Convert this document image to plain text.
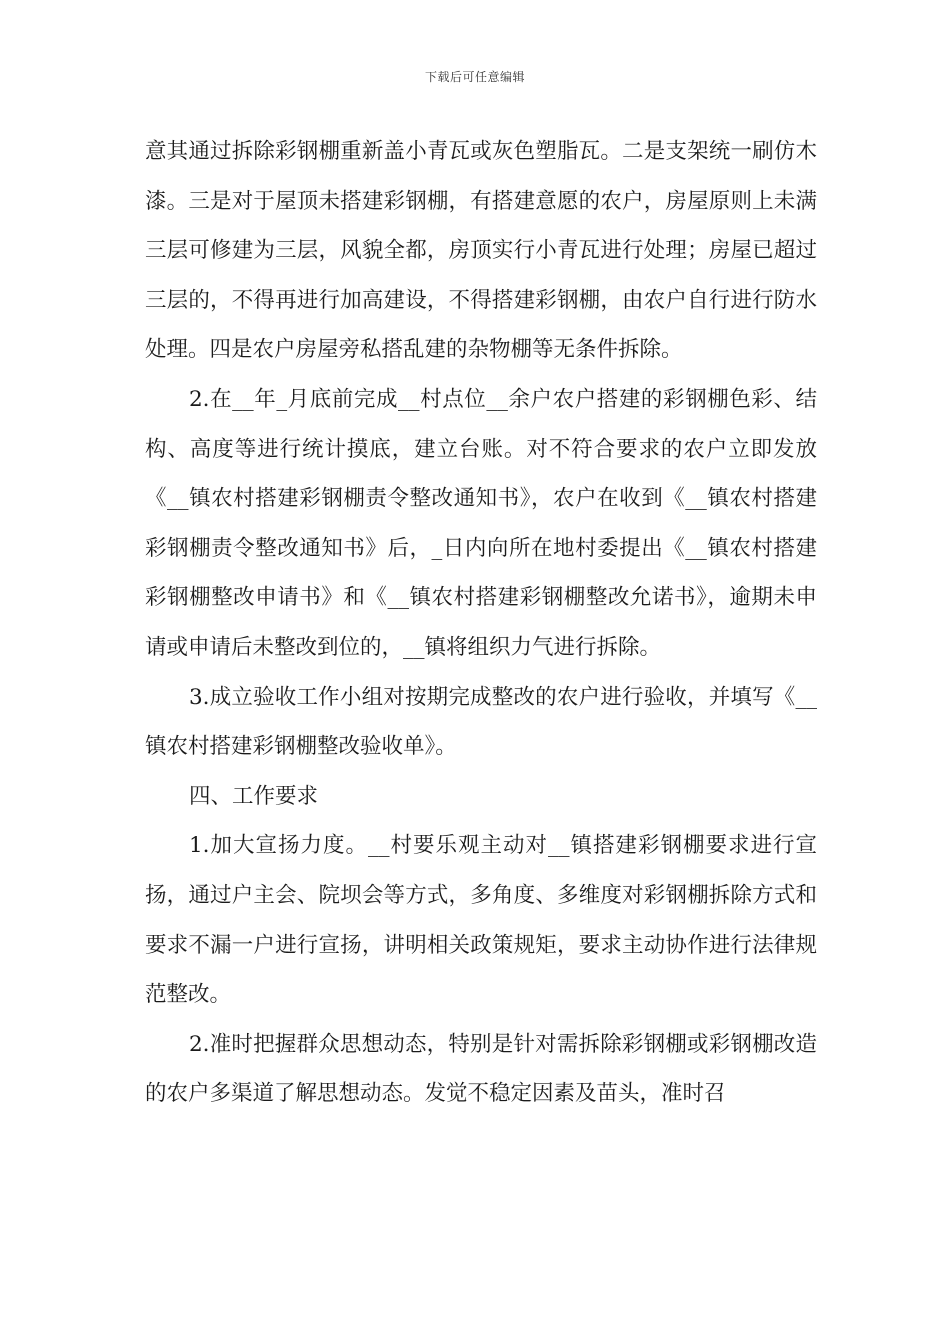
下载后可任意编辑

意其通过拆除彩钢棚重新盖小青瓦或灰色塑脂瓦。二是支架统一刷仿木漆。三是对于屋顶未搭建彩钢棚，有搭建意愿的农户，房屋原则上未满三层可修建为三层，风貌全都，房顶实行小青瓦进行处理；房屋已超过三层的，不得再进行加高建设，不得搭建彩钢棚，由农户自行进行防水处理。四是农户房屋旁私搭乱建的杂物棚等无条件拆除。

2.在__年_月底前完成__村点位__余户农户搭建的彩钢棚色彩、结构、高度等进行统计摸底，建立台账。对不符合要求的农户立即发放《__镇农村搭建彩钢棚责令整改通知书》，农户在收到《__镇农村搭建彩钢棚责令整改通知书》后，_日内向所在地村委提出《__镇农村搭建彩钢棚整改申请书》和《__镇农村搭建彩钢棚整改允诺书》，逾期未申请或申请后未整改到位的，__镇将组织力气进行拆除。

3.成立验收工作小组对按期完成整改的农户进行验收，并填写《__镇农村搭建彩钢棚整改验收单》。

四、工作要求

1.加大宣扬力度。__村要乐观主动对__镇搭建彩钢棚要求进行宣扬，通过户主会、院坝会等方式，多角度、多维度对彩钢棚拆除方式和要求不漏一户进行宣扬，讲明相关政策规矩，要求主动协作进行法律规范整改。

2.准时把握群众思想动态，特别是针对需拆除彩钢棚或彩钢棚改造的农户多渠道了解思想动态。发觉不稳定因素及苗头，准时召
